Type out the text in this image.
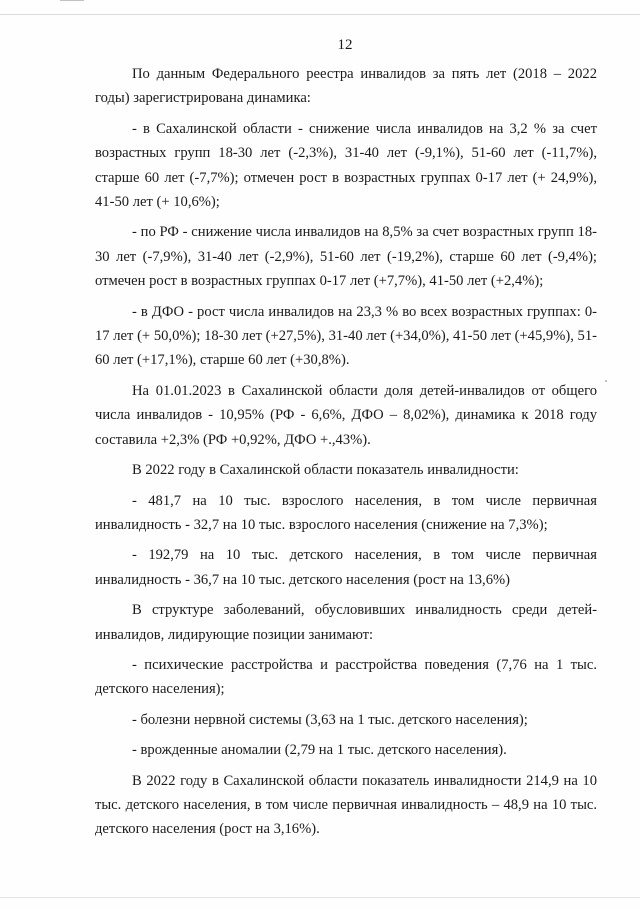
12

По данным Федерального реестра инвалидов за пять лет (2018 – 2022 годы) зарегистрирована динамика:

- в Сахалинской области - снижение числа инвалидов на 3,2 % за счет возрастных групп 18-30 лет (-2,3%), 31-40 лет (-9,1%), 51-60 лет (-11,7%), старше 60 лет (-7,7%); отмечен рост в возрастных группах 0-17 лет (+ 24,9%), 41-50 лет (+ 10,6%);

- по РФ - снижение числа инвалидов на 8,5% за счет возрастных групп 18-30 лет (-7,9%), 31-40 лет (-2,9%), 51-60 лет (-19,2%), старше 60 лет (-9,4%); отмечен рост в возрастных группах 0-17 лет (+7,7%), 41-50 лет (+2,4%);

- в ДФО - рост числа инвалидов на 23,3 % во всех возрастных группах: 0-17 лет (+ 50,0%); 18-30 лет (+27,5%), 31-40 лет (+34,0%), 41-50 лет (+45,9%), 51-60 лет (+17,1%), старше 60 лет (+30,8%).

На 01.01.2023 в Сахалинской области доля детей-инвалидов от общего числа инвалидов - 10,95% (РФ - 6,6%, ДФО – 8,02%), динамика к 2018 году составила +2,3% (РФ +0,92%, ДФО +.,43%).

В 2022 году в Сахалинской области показатель инвалидности:

- 481,7 на 10 тыс. взрослого населения, в том числе первичная инвалидность - 32,7 на 10 тыс. взрослого населения (снижение на 7,3%);

- 192,79 на 10 тыс. детского населения, в том числе первичная инвалидность - 36,7 на 10 тыс. детского населения (рост на 13,6%)

В структуре заболеваний, обусловивших инвалидность среди детей-инвалидов, лидирующие позиции занимают:

- психические расстройства и расстройства поведения (7,76 на 1 тыс. детского населения);

- болезни нервной системы (3,63 на 1 тыс. детского населения);

- врожденные аномалии (2,79 на 1 тыс. детского населения).

В 2022 году в Сахалинской области показатель инвалидности 214,9 на 10 тыс. детского населения, в том числе первичная инвалидность – 48,9 на 10 тыс. детского населения (рост на 3,16%).
